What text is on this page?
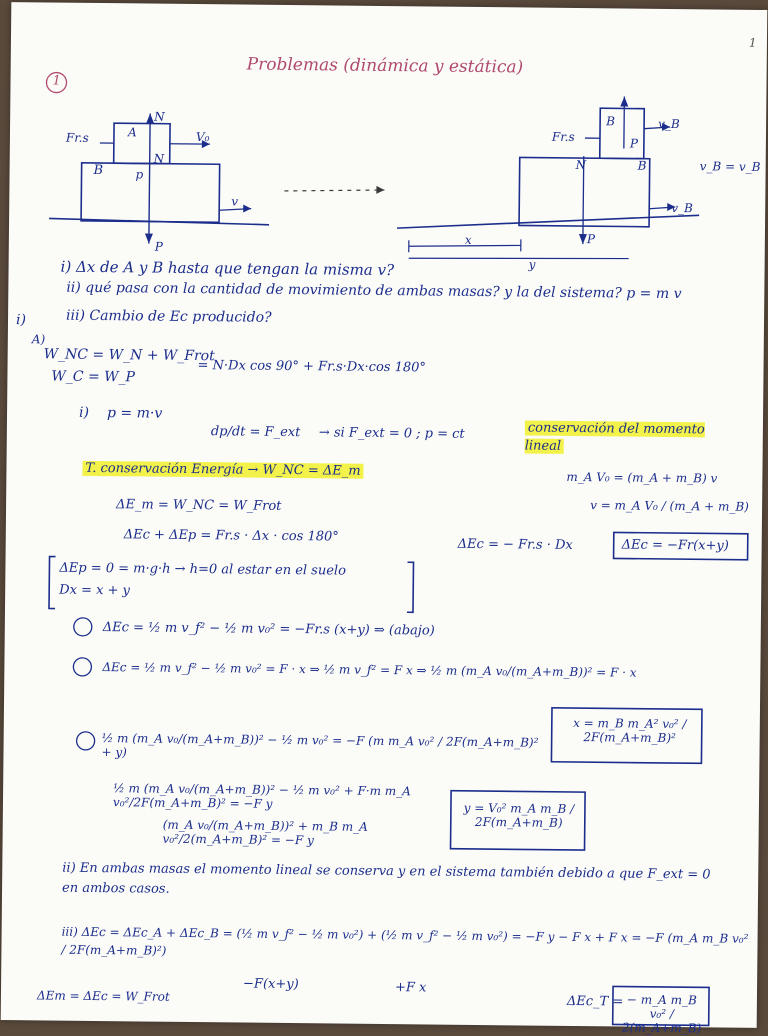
1
Problemas (dinámica y estática)
1
Fr.s	A
B
N
N
p
P
V₀
v
Fr.s
B
B
N
P
P
v_B
v_B
v_B = v_B
x
y
i) Δx de A y B hasta que tengan la misma v?
ii) qué pasa con la cantidad de movimiento de ambas masas? y la del sistema? p = m v
iii) Cambio de Ec producido?
i)
A)
W_NC = W_N + W_Frot
= N·Dx cos 90° + Fr.s·Dx·cos 180°
W_C = W_P
i) p = m·v
dp/dt = F_ext → si F_ext = 0 ; p = ct	conservación del momento lineal
T. conservación Energía → W_NC = ΔE_m	m_A V₀ = (m_A + m_B) v
v = m_A V₀ / (m_A + m_B)
ΔE_m = W_NC = W_Frot
ΔEc + ΔEp = Fr.s · Δx · cos 180°
ΔEc = − Fr.s · Dx	ΔEc = −Fr(x+y)
ΔEp = 0 = m·g·h → h=0 al estar en el suelo
Dx = x + y
ΔEc = ½ m v_f² − ½ m v₀² = −Fr.s (x+y) ⇒ (abajo)
ΔEc = ½ m v_f² − ½ m v₀² = F · x ⇒ ½ m v_f² = F x ⇒ ½ m (m_A v₀/(m_A+m_B))² = F · x
x = m_B m_A² v₀² / 2F(m_A+m_B)²
½ m (m_A v₀/(m_A+m_B))² − ½ m v₀² = −F (m m_A v₀² / 2F(m_A+m_B)² + y)
½ m (m_A v₀/(m_A+m_B))² − ½ m v₀² + F·m m_A v₀²/2F(m_A+m_B)² = −F y
(m_A v₀/(m_A+m_B))² + m_B m_A v₀²/2(m_A+m_B)² = −F y
y = V₀² m_A m_B / 2F(m_A+m_B)
ii) En ambas masas el momento lineal se conserva y en el sistema también debido a que F_ext = 0 en ambos casos.
iii) ΔEc = ΔEc_A + ΔEc_B = (½ m v_f² − ½ m v₀²) + (½ m v_f² − ½ m v₀²) = −F y − F x + F x = −F (m_A m_B v₀² / 2F(m_A+m_B)²)
−F(x+y)	+F x
ΔEm = ΔEc = W_Frot	ΔEc_T = − m_A m_B v₀² / 2(m_A+m_B)
